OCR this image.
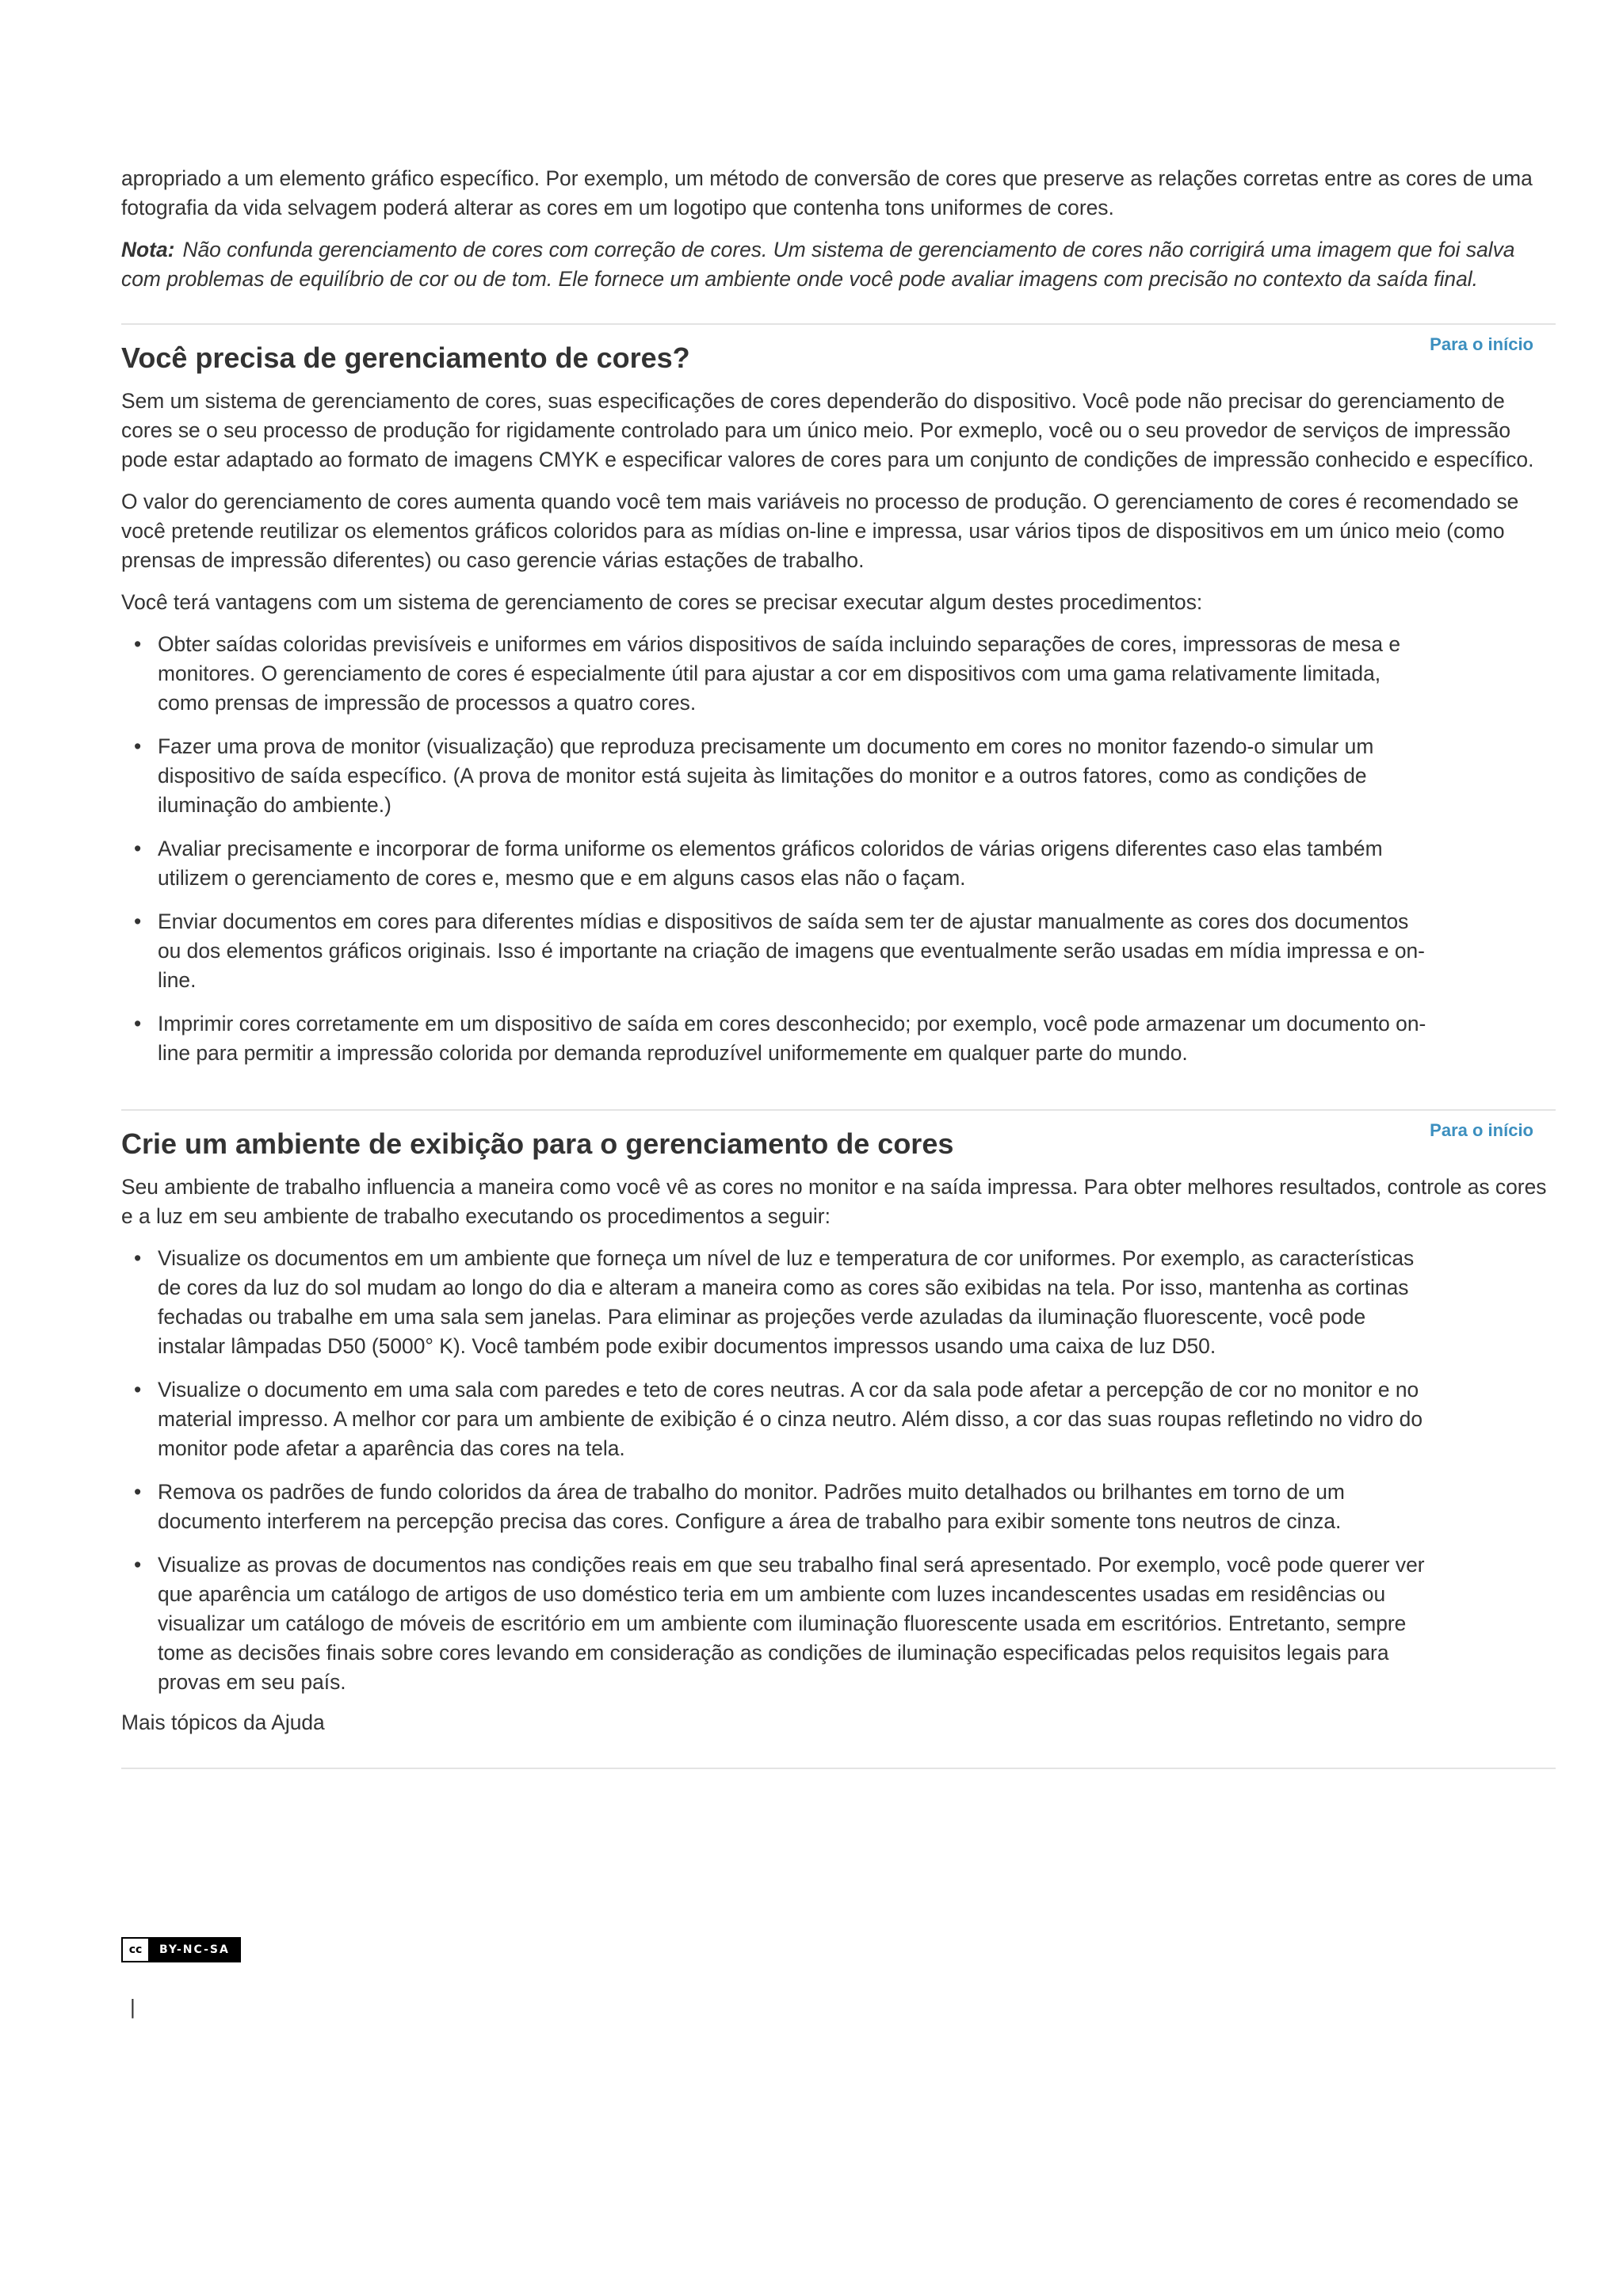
apropriado a um elemento gráfico específico. Por exemplo, um método de conversão de cores que preserve as relações corretas entre as cores de uma fotografia da vida selvagem poderá alterar as cores em um logotipo que contenha tons uniformes de cores.

Nota: Não confunda gerenciamento de cores com correção de cores. Um sistema de gerenciamento de cores não corrigirá uma imagem que foi salva com problemas de equilíbrio de cor ou de tom. Ele fornece um ambiente onde você pode avaliar imagens com precisão no contexto da saída final.

Você precisa de gerenciamento de cores?	Para o início

Sem um sistema de gerenciamento de cores, suas especificações de cores dependerão do dispositivo. Você pode não precisar do gerenciamento de cores se o seu processo de produção for rigidamente controlado para um único meio. Por exmeplo, você ou o seu provedor de serviços de impressão pode estar adaptado ao formato de imagens CMYK e especificar valores de cores para um conjunto de condições de impressão conhecido e específico.

O valor do gerenciamento de cores aumenta quando você tem mais variáveis no processo de produção. O gerenciamento de cores é recomendado se você pretende reutilizar os elementos gráficos coloridos para as mídias on-line e impressa, usar vários tipos de dispositivos em um único meio (como prensas de impressão diferentes) ou caso gerencie várias estações de trabalho.

Você terá vantagens com um sistema de gerenciamento de cores se precisar executar algum destes procedimentos:

• Obter saídas coloridas previsíveis e uniformes em vários dispositivos de saída incluindo separações de cores, impressoras de mesa e monitores. O gerenciamento de cores é especialmente útil para ajustar a cor em dispositivos com uma gama relativamente limitada, como prensas de impressão de processos a quatro cores.
• Fazer uma prova de monitor (visualização) que reproduza precisamente um documento em cores no monitor fazendo-o simular um dispositivo de saída específico. (A prova de monitor está sujeita às limitações do monitor e a outros fatores, como as condições de iluminação do ambiente.)
• Avaliar precisamente e incorporar de forma uniforme os elementos gráficos coloridos de várias origens diferentes caso elas também utilizem o gerenciamento de cores e, mesmo que e em alguns casos elas não o façam.
• Enviar documentos em cores para diferentes mídias e dispositivos de saída sem ter de ajustar manualmente as cores dos documentos ou dos elementos gráficos originais. Isso é importante na criação de imagens que eventualmente serão usadas em mídia impressa e on-line.
• Imprimir cores corretamente em um dispositivo de saída em cores desconhecido; por exemplo, você pode armazenar um documento on-line para permitir a impressão colorida por demanda reproduzível uniformemente em qualquer parte do mundo.
Crie um ambiente de exibição para o gerenciamento de cores	Para o início

Seu ambiente de trabalho influencia a maneira como você vê as cores no monitor e na saída impressa. Para obter melhores resultados, controle as cores e a luz em seu ambiente de trabalho executando os procedimentos a seguir:

• Visualize os documentos em um ambiente que forneça um nível de luz e temperatura de cor uniformes. Por exemplo, as características de cores da luz do sol mudam ao longo do dia e alteram a maneira como as cores são exibidas na tela. Por isso, mantenha as cortinas fechadas ou trabalhe em uma sala sem janelas. Para eliminar as projeções verde azuladas da iluminação fluorescente, você pode instalar lâmpadas D50 (5000° K). Você também pode exibir documentos impressos usando uma caixa de luz D50.
• Visualize o documento em uma sala com paredes e teto de cores neutras. A cor da sala pode afetar a percepção de cor no monitor e no material impresso. A melhor cor para um ambiente de exibição é o cinza neutro. Além disso, a cor das suas roupas refletindo no vidro do monitor pode afetar a aparência das cores na tela.
• Remova os padrões de fundo coloridos da área de trabalho do monitor. Padrões muito detalhados ou brilhantes em torno de um documento interferem na percepção precisa das cores. Configure a área de trabalho para exibir somente tons neutros de cinza.
• Visualize as provas de documentos nas condições reais em que seu trabalho final será apresentado. Por exemplo, você pode querer ver que aparência um catálogo de artigos de uso doméstico teria em um ambiente com luzes incandescentes usadas em residências ou visualizar um catálogo de móveis de escritório em um ambiente com iluminação fluorescente usada em escritórios. Entretanto, sempre tome as decisões finais sobre cores levando em consideração as condições de iluminação especificadas pelos requisitos legais para provas em seu país.

Mais tópicos da Ajuda

cc	BY-NC-SA
|
